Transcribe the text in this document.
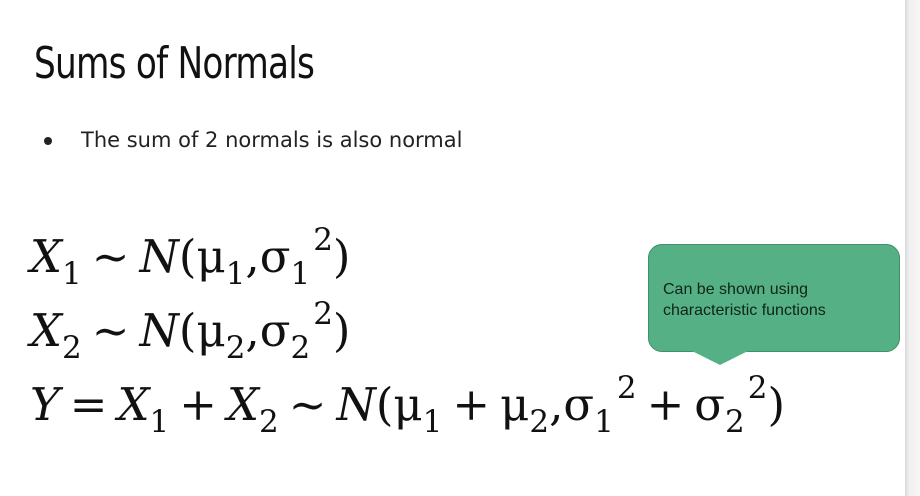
Sums of Normals
The sum of 2 normals is also normal
$X_1$ ~ $N(\mu_1,\sigma_1^2)$
$X_2$ ~ $N(\mu_2,\sigma_2^2)$
$Y = X_1 + X_2$ ~ $N(\mu_1 + \mu_2,\sigma_1^2 + \sigma_2^2)$
Can be shown using characteristic functions
